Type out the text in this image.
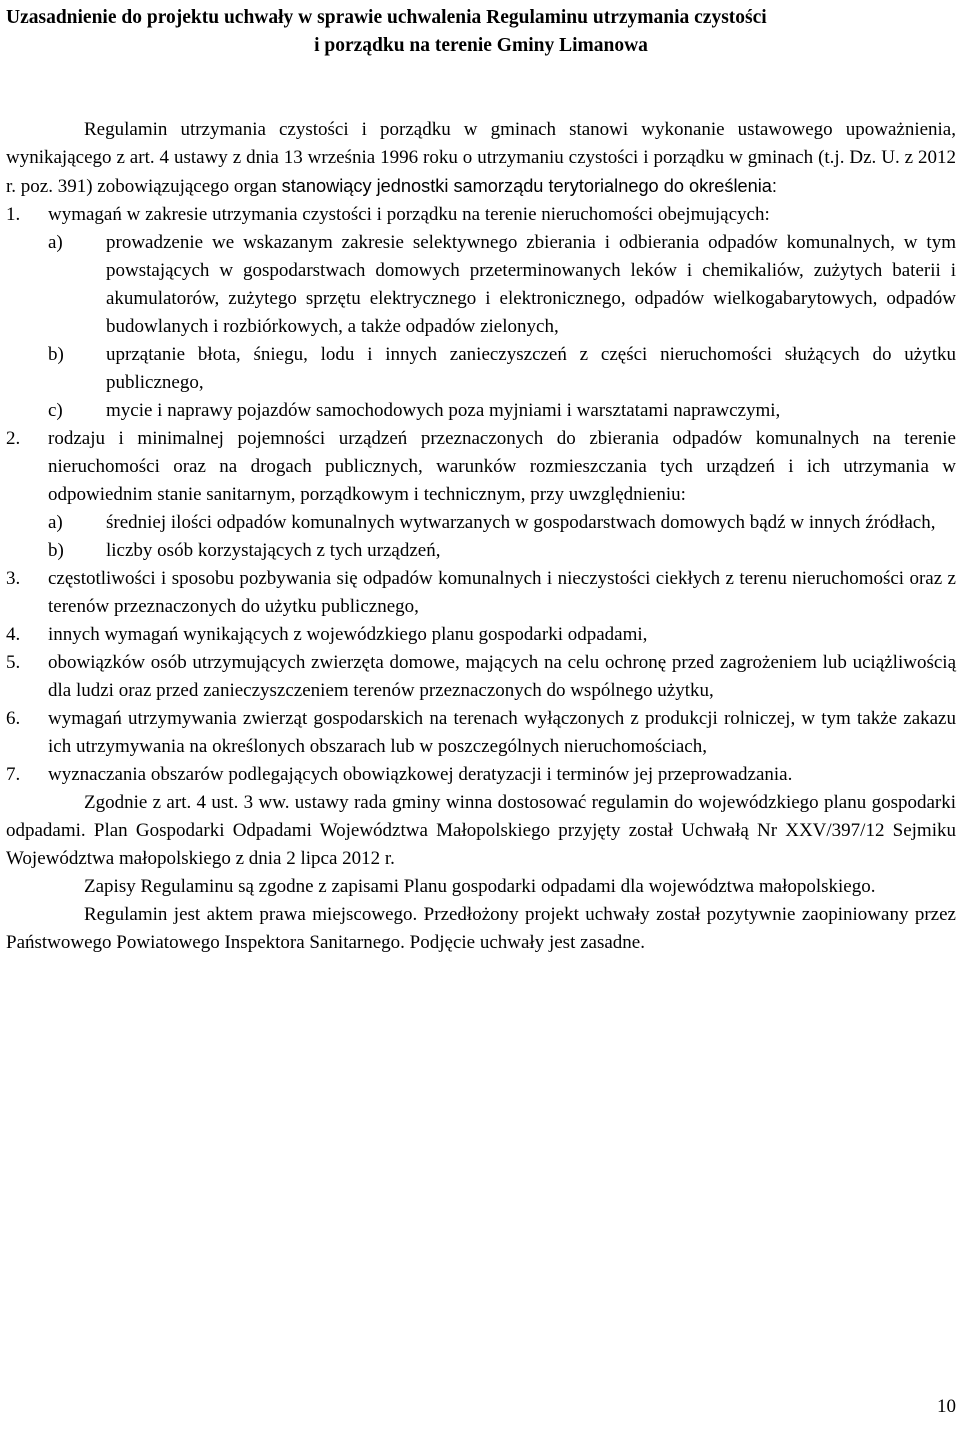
Uzasadnienie do projektu uchwały w sprawie uchwalenia Regulaminu utrzymania czystości
i porządku na terenie Gminy Limanowa

Regulamin utrzymania czystości i porządku w gminach stanowi wykonanie ustawowego upoważnienia, wynikającego z art. 4 ustawy z dnia 13 września 1996 roku o utrzymaniu czystości i porządku w gminach (t.j. Dz. U. z 2012 r. poz. 391) zobowiązującego organ stanowiący jednostki samorządu terytorialnego do określenia:

1.	wymagań w zakresie utrzymania czystości i porządku na terenie nieruchomości obejmujących:
a)	prowadzenie we wskazanym zakresie selektywnego zbierania i odbierania odpadów komunalnych, w tym powstających w gospodarstwach domowych przeterminowanych leków i chemikaliów, zużytych baterii i akumulatorów, zużytego sprzętu elektrycznego i elektronicznego, odpadów wielkogabarytowych, odpadów budowlanych i rozbiórkowych, a także odpadów zielonych,
b)	uprzątanie błota, śniegu, lodu i innych zanieczyszczeń z części nieruchomości służących do użytku publicznego,
c)	mycie i naprawy pojazdów samochodowych poza myjniami i warsztatami naprawczymi,
2.	rodzaju i minimalnej pojemności urządzeń przeznaczonych do zbierania odpadów komunalnych na terenie nieruchomości oraz na drogach publicznych, warunków rozmieszczania tych urządzeń i ich utrzymania w odpowiednim stanie sanitarnym, porządkowym i technicznym, przy uwzględnieniu:
a)	średniej ilości odpadów komunalnych wytwarzanych w gospodarstwach domowych bądź w innych źródłach,
b)	liczby osób korzystających z tych urządzeń,
3.	częstotliwości i sposobu pozbywania się odpadów komunalnych i nieczystości ciekłych z terenu nieruchomości oraz z terenów przeznaczonych do użytku publicznego,
4.	innych wymagań wynikających z wojewódzkiego planu gospodarki odpadami,
5.	obowiązków osób utrzymujących zwierzęta domowe, mających na celu ochronę przed zagrożeniem lub uciążliwością dla ludzi oraz przed zanieczyszczeniem terenów przeznaczonych do wspólnego użytku,
6.	wymagań utrzymywania zwierząt gospodarskich na terenach wyłączonych z produkcji rolniczej, w tym także zakazu ich utrzymywania na określonych obszarach lub w poszczególnych nieruchomościach,
7.	wyznaczania obszarów podlegających obowiązkowej deratyzacji i terminów jej przeprowadzania.

Zgodnie z art. 4 ust. 3 ww. ustawy rada gminy winna dostosować regulamin do wojewódzkiego planu gospodarki odpadami. Plan Gospodarki Odpadami Województwa Małopolskiego przyjęty został Uchwałą Nr XXV/397/12 Sejmiku Województwa małopolskiego z dnia 2 lipca 2012 r.

Zapisy Regulaminu są zgodne z zapisami Planu gospodarki odpadami dla województwa małopolskiego.

Regulamin jest aktem prawa miejscowego. Przedłożony projekt uchwały został pozytywnie zaopiniowany przez Państwowego Powiatowego Inspektora Sanitarnego. Podjęcie uchwały jest zasadne.

10
